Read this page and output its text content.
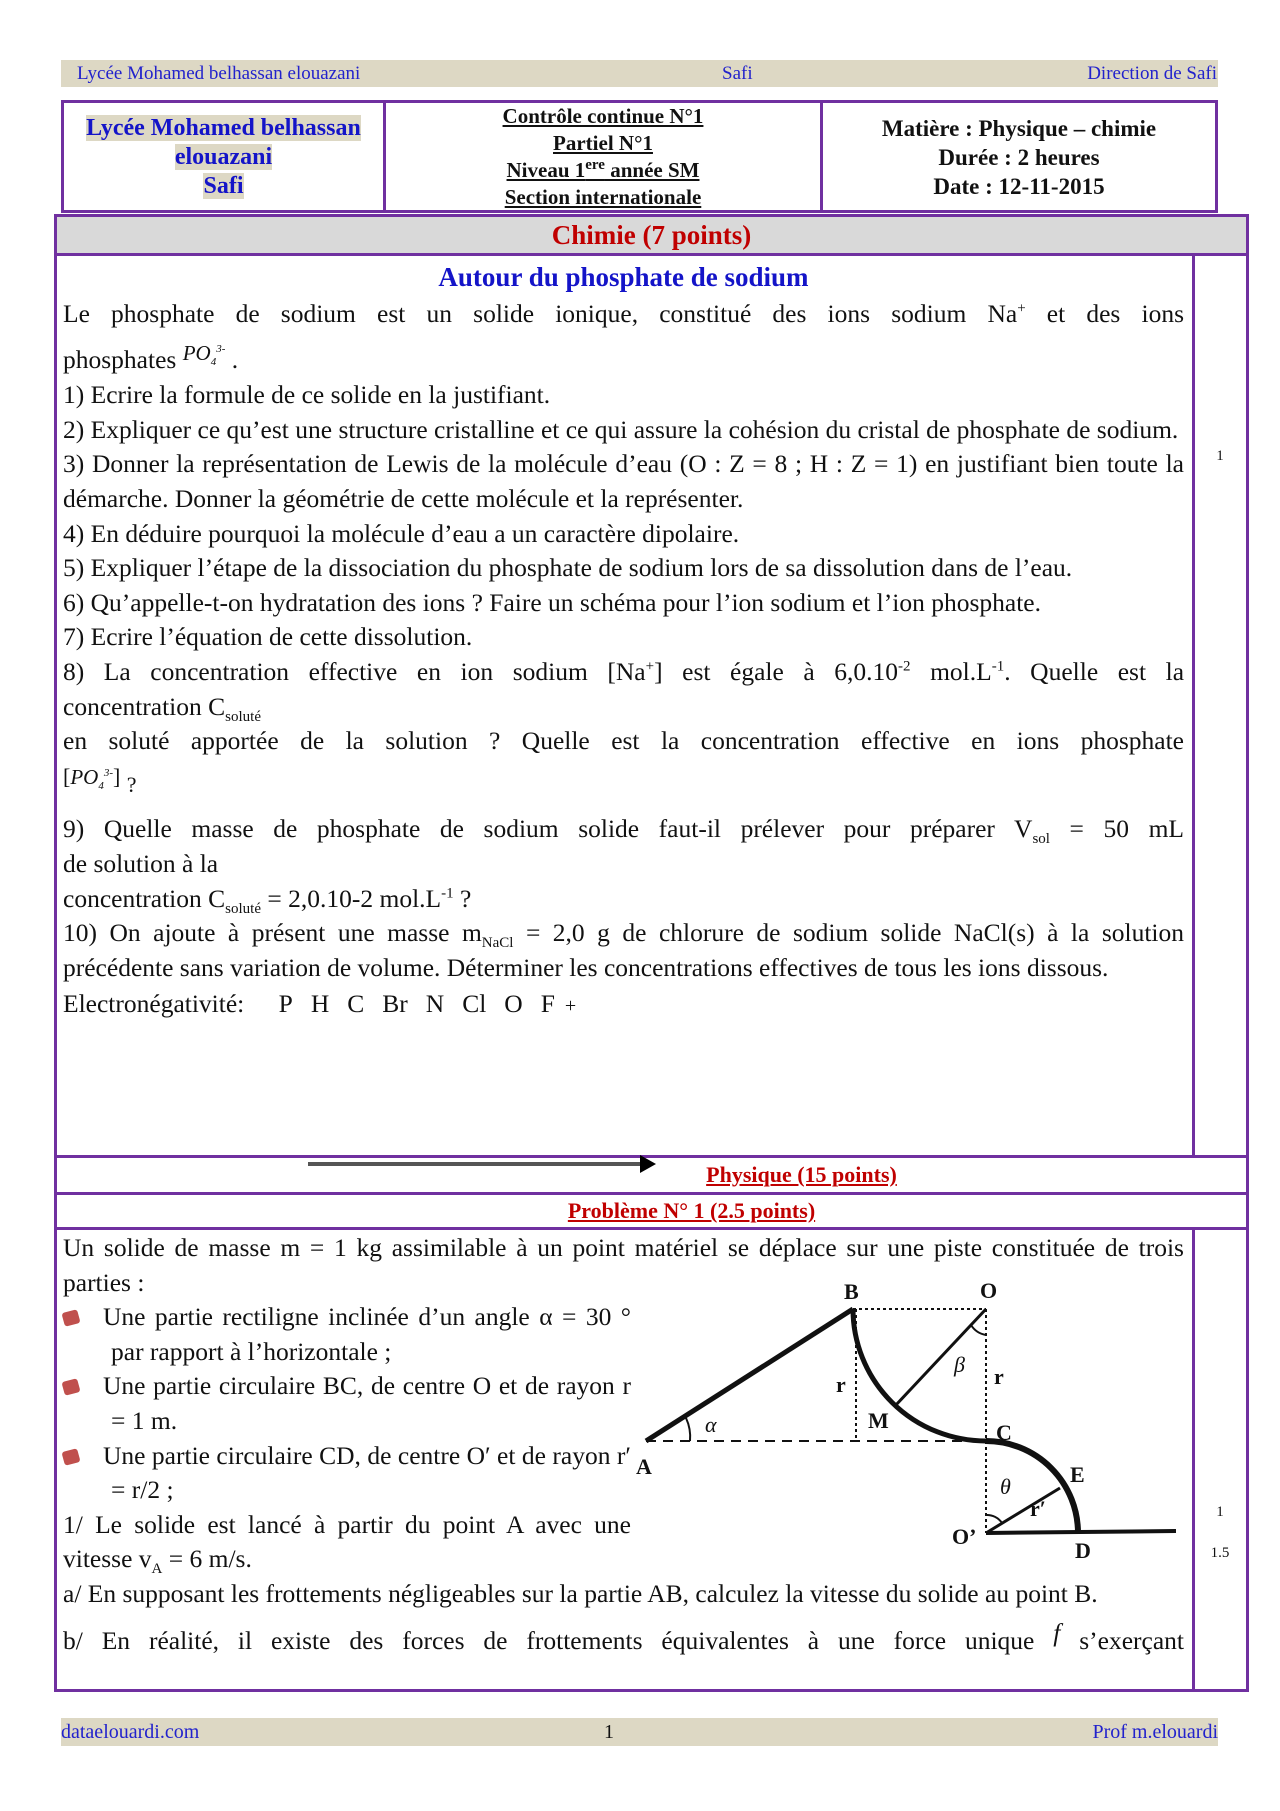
Lycée Mohamed belhassan elouazani	Safi	Direction de Safi
Lycée Mohamed belhassan
elouazani
Safi
Contrôle continue N°1
Partiel N°1
Niveau 1ere année SM
Section internationale
Matière : Physique – chimie
Durée : 2 heures
Date : 12-11-2015
Chimie (7 points)
Autour du phosphate de sodium
Le phosphate de sodium est un solide ionique, constitué des ions sodium Na+ et des ions
phosphates $^{PO_4^{3-}}$ .
1) Ecrire la formule de ce solide en la justifiant.
2) Expliquer ce qu’est une structure cristalline et ce qui assure la cohésion du cristal de phosphate de sodium.
3) Donner la représentation de Lewis de la molécule d’eau (O : Z = 8 ; H : Z = 1) en justifiant bien toute la démarche. Donner la géométrie de cette molécule et la représenter.
4) En déduire pourquoi la molécule d’eau a un caractère dipolaire.
5) Expliquer l’étape de la dissociation du phosphate de sodium lors de sa dissolution dans de l’eau.
6) Qu’appelle-t-on hydratation des ions ? Faire un schéma pour l’ion sodium et l’ion phosphate.
7) Ecrire l’équation de cette dissolution.
8) La concentration effective en ion sodium [Na+] est égale à $6,0.10^{-2}$ $mol.L^{-1}$. Quelle est la
concentration $C_{soluté}$
en soluté apportée de la solution ? Quelle est la concentration effective en ions phosphate
$[PO_4^{3-}]$ ?
9) Quelle masse de phosphate de sodium solide faut-il prélever pour préparer $V_{sol} = 50$ mL
de solution à la
concentration $C_{soluté} = 2,0.10-2$ $mol.L^{-1}$ ?
10) On ajoute à présent une masse $m_{NaCl} = 2,0$ g de chlorure de sodium solide NaCl(s) à la solution précédente sans variation de volume. Déterminer les concentrations effectives de tous les ions dissous.
Electronégativité: P H C Br N Cl O F +
1
Physique (15 points)
Problème N° 1 (2.5 points)
Un solide de masse m = 1 kg assimilable à un point matériel se déplace sur une piste constituée de trois parties :
Une partie rectiligne inclinée d’un angle α = 30 ° par rapport à l’horizontale ;
Une partie circulaire BC, de centre O et de rayon r = 1 m.
Une partie circulaire CD, de centre O′ et de rayon r′ = r/2 ;
1/ Le solide est lancé à partir du point A avec une vitesse $v_A = 6$ m/s.
a/ En supposant les frottements négligeables sur la partie AB, calculez la vitesse du solide au point B.
b/ En réalité, il existe des forces de frottements équivalentes à une force unique f s’exerçant
1
1.5
A
B	O
M	C
E
O’
D
r	r
r′
α
β
θ
dataelouardi.com	1	Prof m.elouardi
